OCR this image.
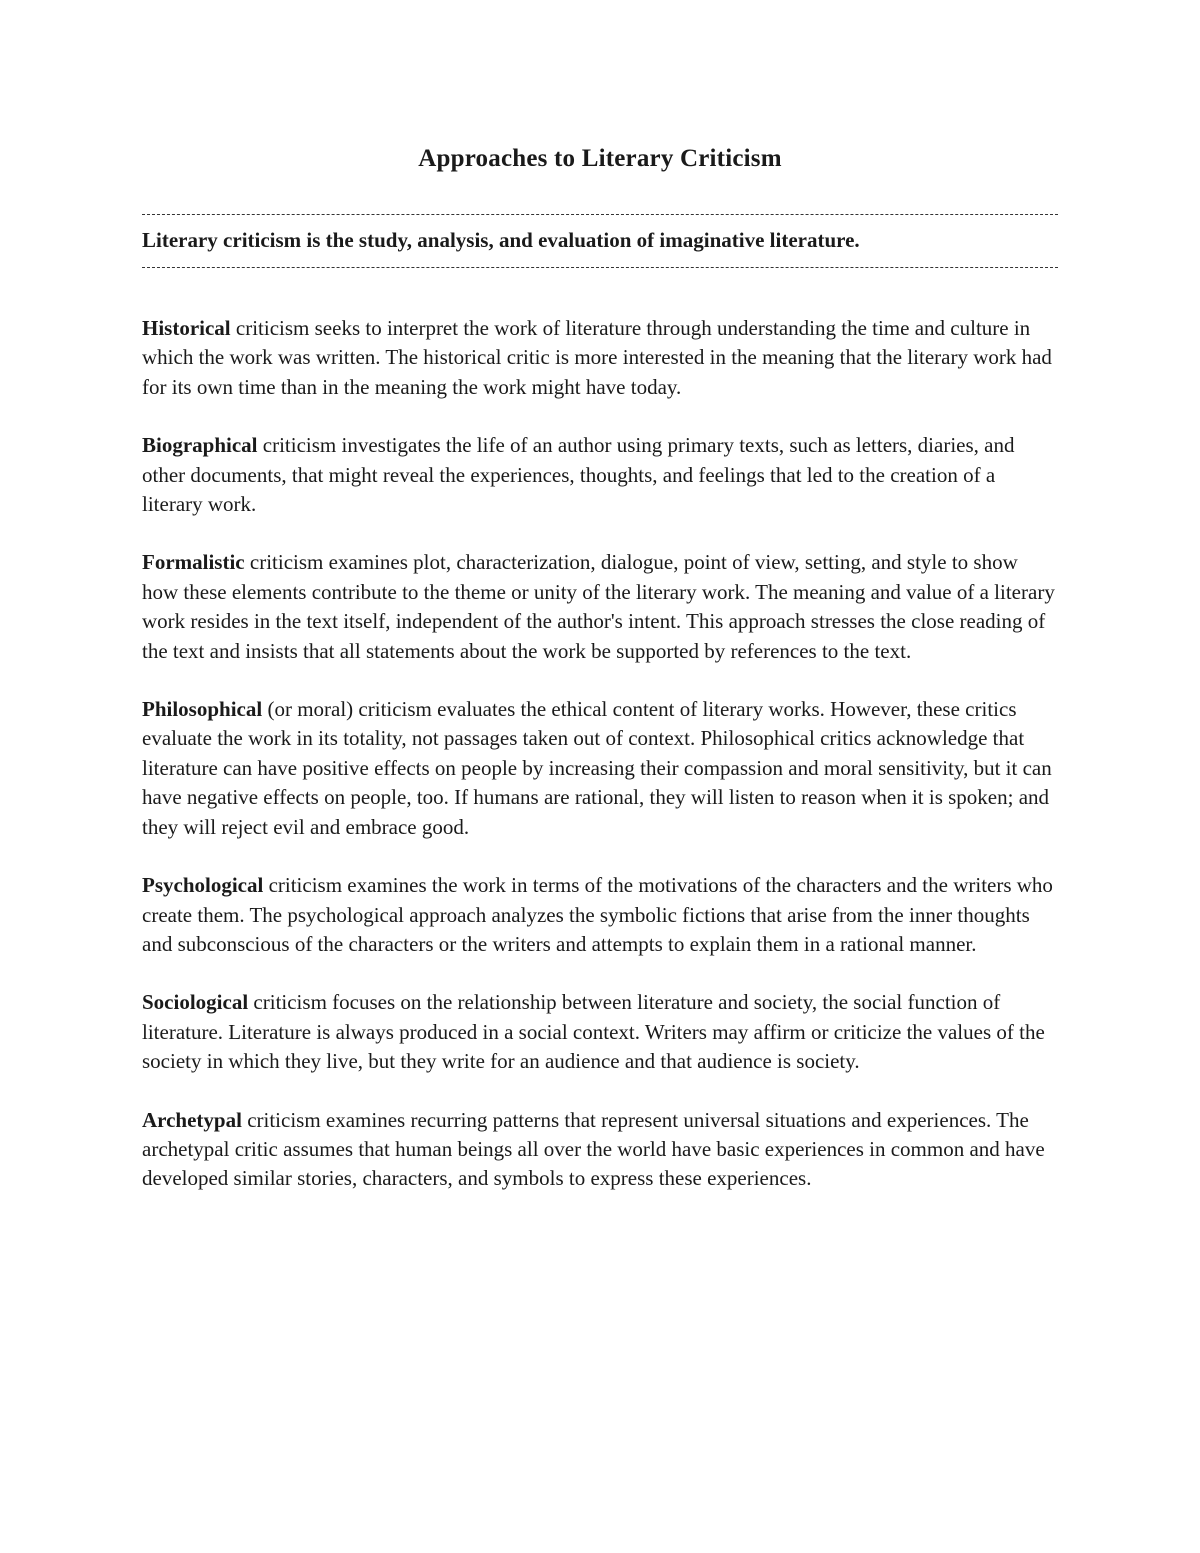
Approaches to Literary Criticism

Literary criticism is the study, analysis, and evaluation of imaginative literature.

Historical criticism seeks to interpret the work of literature through understanding the time and culture in which the work was written. The historical critic is more interested in the meaning that the literary work had for its own time than in the meaning the work might have today.

Biographical criticism investigates the life of an author using primary texts, such as letters, diaries, and other documents, that might reveal the experiences, thoughts, and feelings that led to the creation of a literary work.

Formalistic criticism examines plot, characterization, dialogue, point of view, setting, and style to show how these elements contribute to the theme or unity of the literary work. The meaning and value of a literary work resides in the text itself, independent of the author's intent. This approach stresses the close reading of the text and insists that all statements about the work be supported by references to the text.

Philosophical (or moral) criticism evaluates the ethical content of literary works. However, these critics evaluate the work in its totality, not passages taken out of context. Philosophical critics acknowledge that literature can have positive effects on people by increasing their compassion and moral sensitivity, but it can have negative effects on people, too. If humans are rational, they will listen to reason when it is spoken; and they will reject evil and embrace good.

Psychological criticism examines the work in terms of the motivations of the characters and the writers who create them. The psychological approach analyzes the symbolic fictions that arise from the inner thoughts and subconscious of the characters or the writers and attempts to explain them in a rational manner.

Sociological criticism focuses on the relationship between literature and society, the social function of literature. Literature is always produced in a social context. Writers may affirm or criticize the values of the society in which they live, but they write for an audience and that audience is society.

Archetypal criticism examines recurring patterns that represent universal situations and experiences. The archetypal critic assumes that human beings all over the world have basic experiences in common and have developed similar stories, characters, and symbols to express these experiences.
